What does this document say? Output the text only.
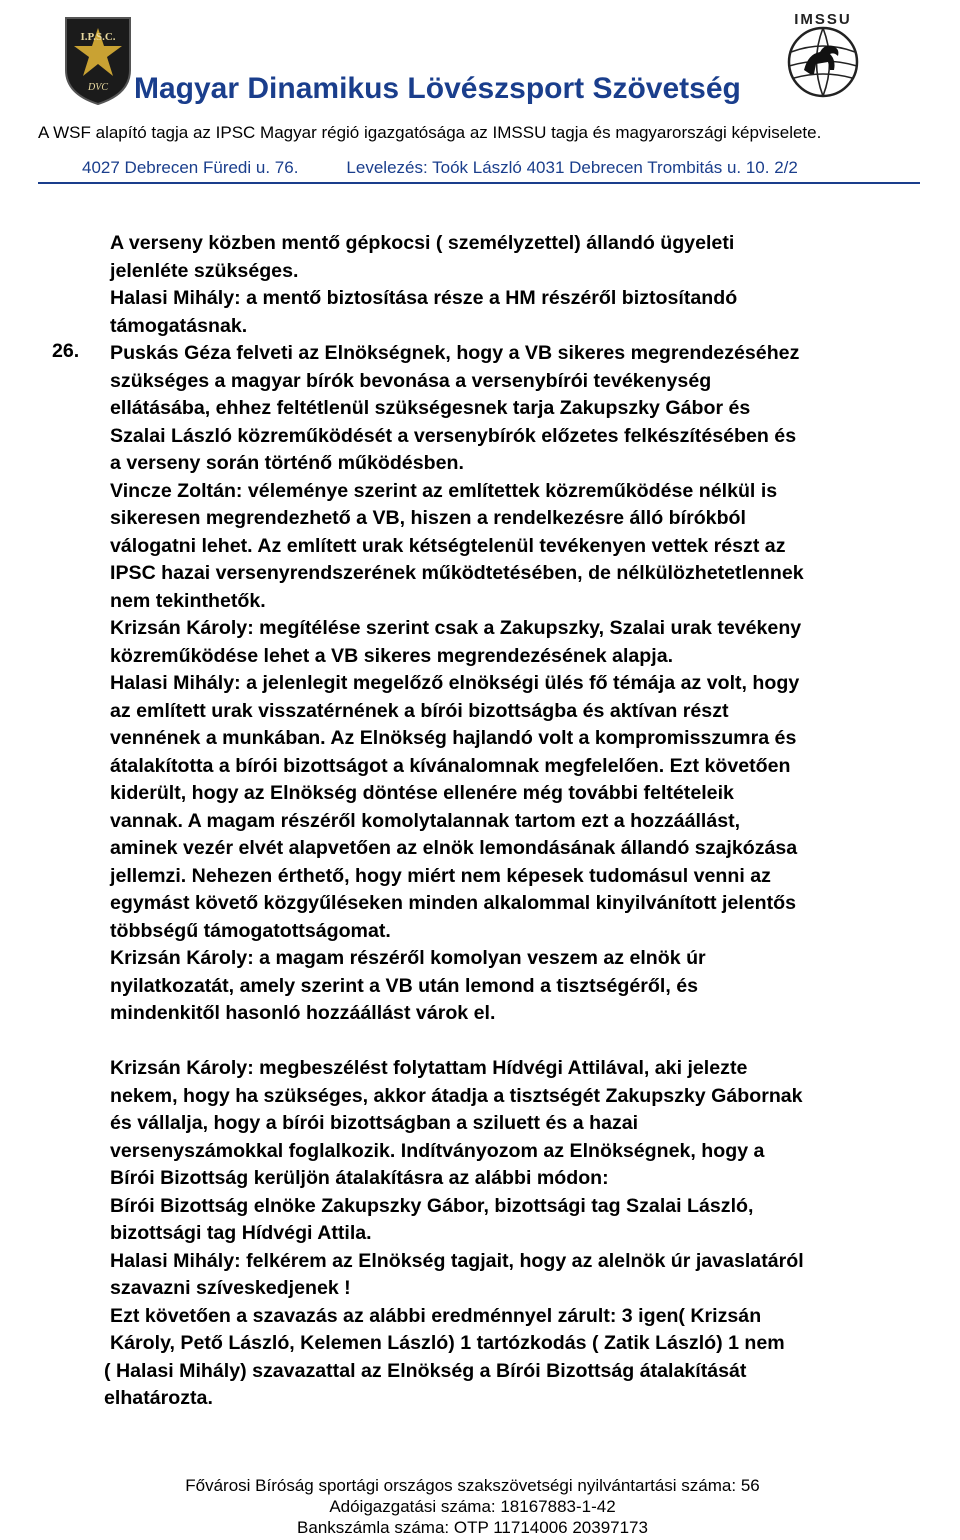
I.P.S.C.
DVC
IMSSU
Magyar Dinamikus Lövészsport Szövetség
A WSF alapító tagja az IPSC Magyar régió igazgatósága az IMSSU tagja és magyarországi képviselete.
4027 Debrecen Füredi u. 76.	Levelezés: Toók László 4031 Debrecen Trombitás u. 10. 2/2
26.
A verseny közben mentő gépkocsi ( személyzettel) állandó ügyeleti
jelenléte szükséges.
Halasi Mihály: a mentő biztosítása része a HM részéről biztosítandó
támogatásnak.
Puskás Géza felveti az Elnökségnek, hogy a VB sikeres megrendezéséhez
szükséges a magyar bírók bevonása a versenybírói tevékenység
ellátásába, ehhez feltétlenül szükségesnek tarja Zakupszky Gábor és
Szalai László közreműködését a versenybírók előzetes felkészítésében és
a verseny során történő működésben.
Vincze Zoltán: véleménye szerint az említettek közreműködése nélkül is
sikeresen megrendezhető a VB, hiszen a rendelkezésre álló bírókból
válogatni lehet. Az említett urak kétségtelenül tevékenyen vettek részt az
IPSC hazai versenyrendszerének működtetésében, de nélkülözhetetlennek
nem tekinthetők.
Krizsán Károly: megítélése szerint csak a Zakupszky, Szalai urak tevékeny
közreműködése lehet a VB sikeres megrendezésének alapja.
Halasi Mihály: a jelenlegit megelőző elnökségi ülés fő témája az volt, hogy
az említett urak visszatérnének a bírói bizottságba és aktívan részt
vennének a munkában. Az Elnökség hajlandó volt a kompromisszumra és
átalakította a bírói bizottságot a kívánalomnak megfelelően. Ezt követően
kiderült, hogy az Elnökség döntése ellenére még további feltételeik
vannak. A magam részéről komolytalannak tartom ezt a hozzáállást,
aminek vezér elvét alapvetően az elnök lemondásának állandó szajkózása
jellemzi. Nehezen érthető, hogy miért nem képesek tudomásul venni az
egymást követő közgyűléseken minden alkalommal kinyilvánított jelentős
többségű támogatottságomat.
Krizsán Károly: a magam részéről komolyan veszem az elnök úr
nyilatkozatát, amely szerint a VB után lemond a tisztségéről, és
mindenkitől hasonló hozzáállást várok el.
Krizsán Károly: megbeszélést folytattam Hídvégi Attilával, aki jelezte
nekem, hogy ha szükséges, akkor átadja a tisztségét Zakupszky Gábornak
és vállalja, hogy a bírói bizottságban a sziluett és a hazai
versenyszámokkal foglalkozik. Indítványozom az Elnökségnek, hogy a
Bírói Bizottság kerüljön átalakításra az alábbi módon:
Bírói Bizottság elnöke Zakupszky Gábor, bizottsági tag Szalai László,
bizottsági tag Hídvégi Attila.
Halasi Mihály: felkérem az Elnökség tagjait, hogy az alelnök úr javaslatáról
szavazni szíveskedjenek !
Ezt követően a szavazás az alábbi eredménnyel zárult: 3 igen( Krizsán
Károly, Pető László, Kelemen László) 1 tartózkodás ( Zatik László) 1 nem
( Halasi Mihály) szavazattal az Elnökség a Bírói Bizottság átalakítását
elhatározta.
Fővárosi Bíróság sportági országos szakszövetségi nyilvántartási száma: 56
Adóigazgatási száma: 18167883-1-42
Bankszámla száma: OTP 11714006 20397173
